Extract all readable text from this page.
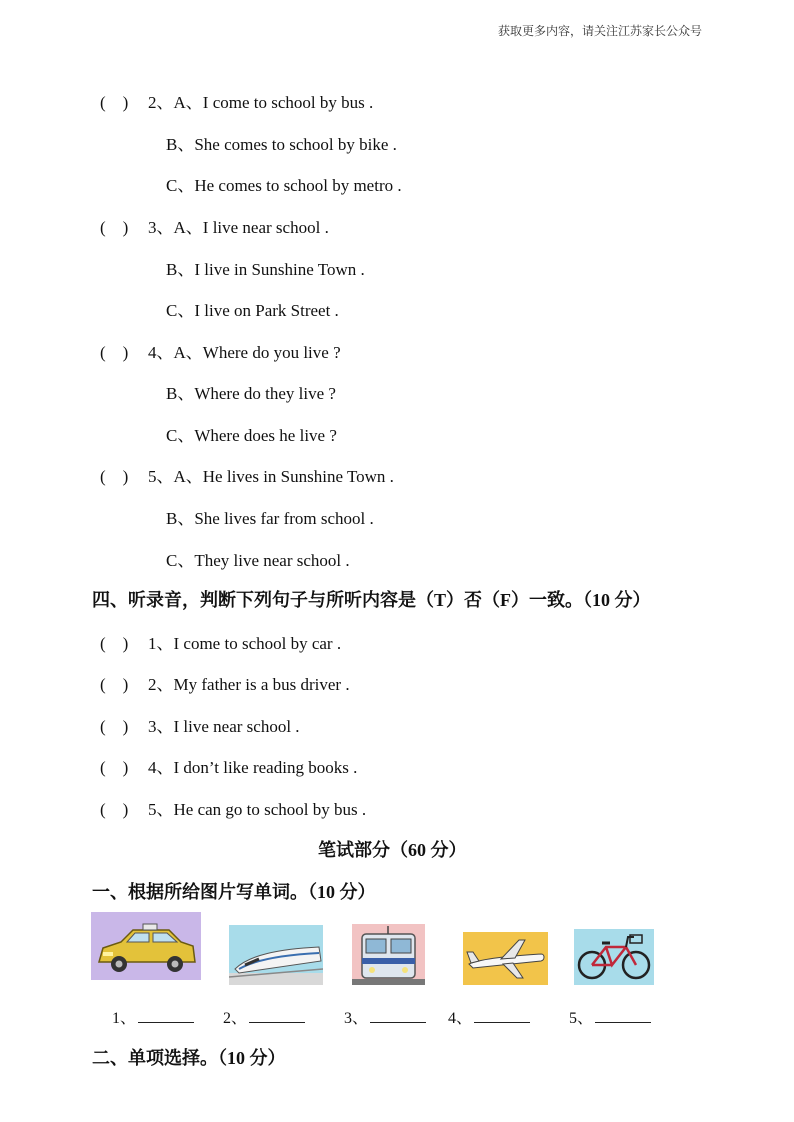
获取更多内容，请关注江苏家长公众号
(　) 2、A、I come to school by bus .
B、She comes to school by bike .
C、He comes to school by metro .
(　) 3、A、I live near school .
B、I live in Sunshine Town .
C、I live on Park Street .
(　) 4、A、Where do you live ?
B、Where do they live ?
C、Where does he live ?
(　) 5、A、He lives in Sunshine Town .
B、She lives far from school .
C、They live near school .
四、听录音，判断下列句子与所听内容是（T）否（F）一致。（10 分）
(　) 1、I come to school by car .
(　) 2、My father is a bus driver .
(　) 3、I live near school .
(　) 4、I don’t like reading books .
(　) 5、He can go to school by bus .
笔试部分（60 分）
一、根据所给图片写单词。（10 分）
1、	2、	3、	4、	5、
二、单项选择。（10 分）
